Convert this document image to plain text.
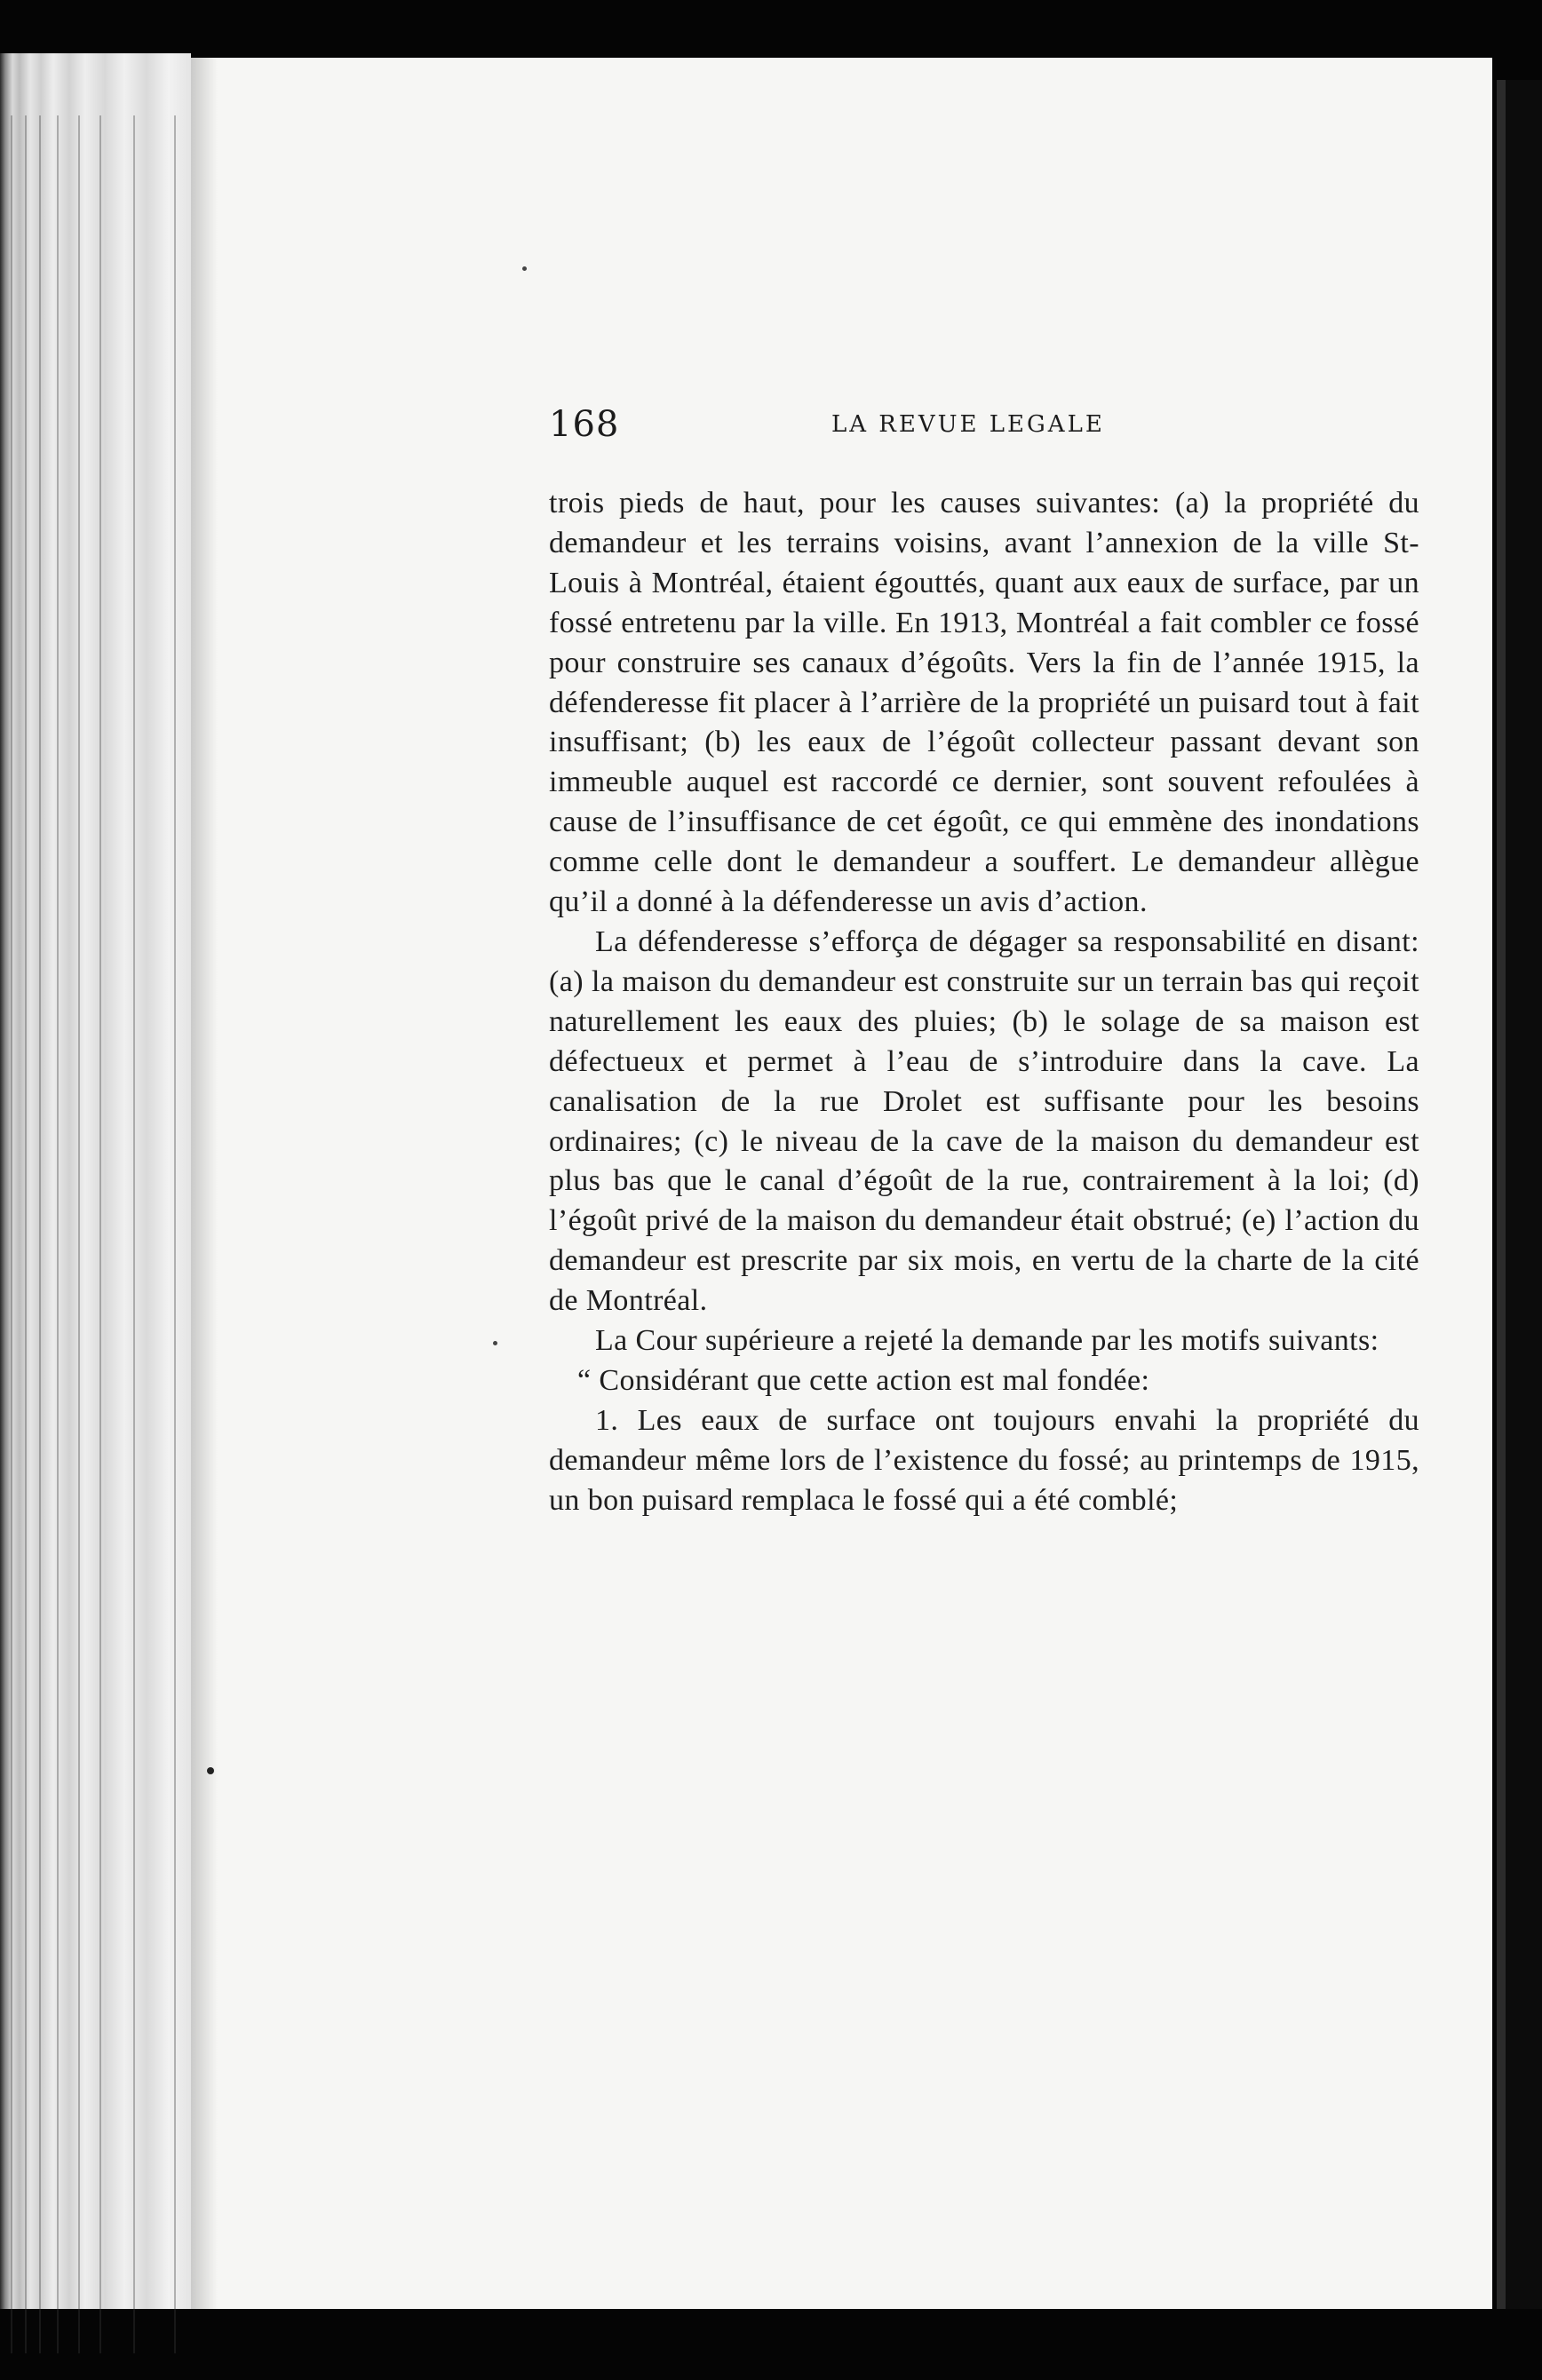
168	LA REVUE LEGALE

trois pieds de haut, pour les causes suivantes: (a) la propriété du demandeur et les terrains voisins, avant l’annexion de la ville St-Louis à Montréal, étaient égouttés, quant aux eaux de surface, par un fossé entretenu par la ville. En 1913, Montréal a fait combler ce fossé pour construire ses canaux d’égoûts. Vers la fin de l’année 1915, la défenderesse fit placer à l’arrière de la propriété un puisard tout à fait insuffisant; (b) les eaux de l’égoût collecteur passant devant son immeuble auquel est raccordé ce dernier, sont souvent refoulées à cause de l’insuffisance de cet égoût, ce qui emmène des inondations comme celle dont le demandeur a souffert. Le demandeur allègue qu’il a donné à la défenderesse un avis d’action.

La défenderesse s’efforça de dégager sa responsabilité en disant: (a) la maison du demandeur est construite sur un terrain bas qui reçoit naturellement les eaux des pluies; (b) le solage de sa maison est défectueux et permet à l’eau de s’introduire dans la cave. La canalisation de la rue Drolet est suffisante pour les besoins ordinaires; (c) le niveau de la cave de la maison du demandeur est plus bas que le canal d’égoût de la rue, contrairement à la loi; (d) l’égoût privé de la maison du demandeur était obstrué; (e) l’action du demandeur est prescrite par six mois, en vertu de la charte de la cité de Montréal.

La Cour supérieure a rejeté la demande par les motifs suivants:

“ Considérant que cette action est mal fondée:

1. Les eaux de surface ont toujours envahi la propriété du demandeur même lors de l’existence du fossé; au printemps de 1915, un bon puisard remplaca le fossé qui a été comblé;
